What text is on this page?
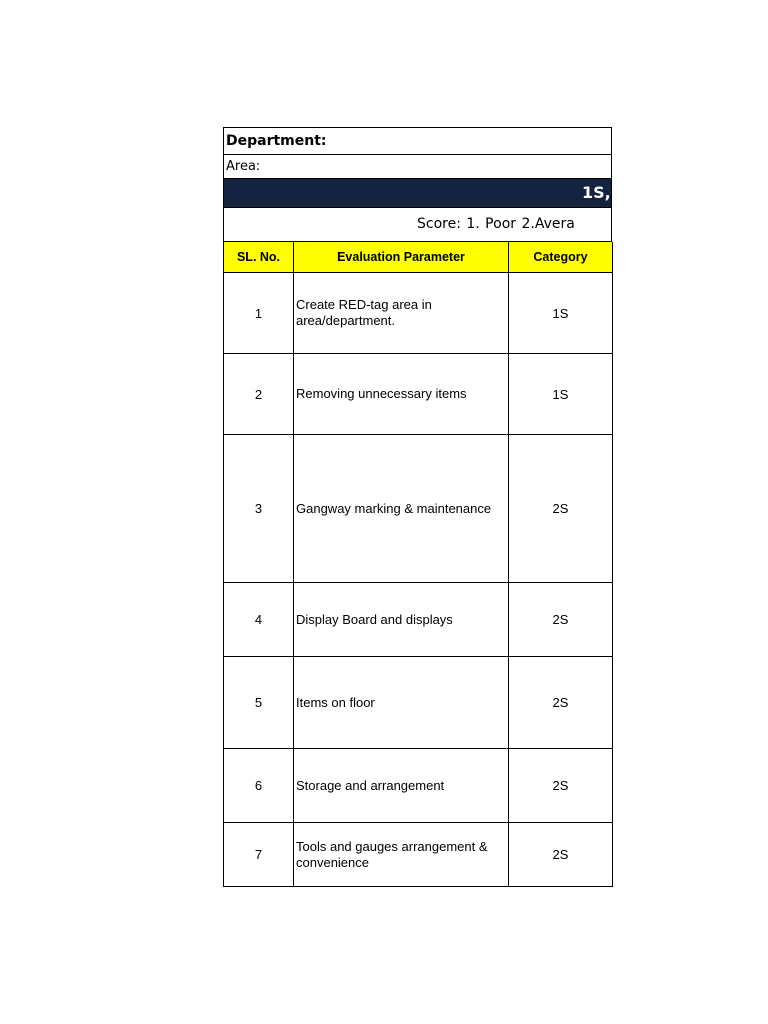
Department:
Area:
1S,
Score: 1. Poor 2.Avera
SL. No.	Evaluation Parameter	Category
1	Create RED-tag area in area/department.	1S
2	Removing unnecessary items	1S
3	Gangway marking & maintenance	2S
4	Display Board and displays	2S
5	Items on floor	2S
6	Storage and arrangement	2S
7	Tools and gauges arrangement & convenience	2S
